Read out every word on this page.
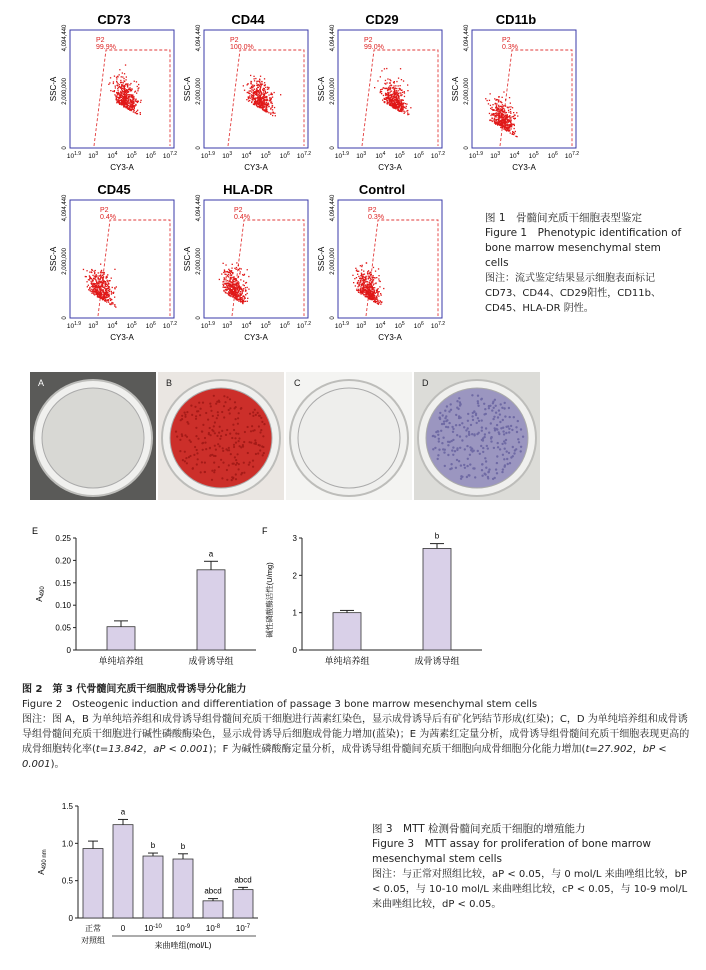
CD73
SSC-A
4,094,440
2,000,000
0
P2
99.9%
$10^{1.9}$ $10^3$ $10^4$ $10^5$ $10^6$ $10^{7.2}$
CY3-A
CD44
SSC-A
4,094,440
2,000,000
0
P2
100.0%
$10^{1.9}$ $10^3$ $10^4$ $10^5$ $10^6$ $10^{7.2}$
CY3-A
CD29
SSC-A
4,094,440
2,000,000
0
P2
99.0%
$10^{1.9}$ $10^3$ $10^4$ $10^5$ $10^6$ $10^{7.2}$
CY3-A
CD11b
SSC-A
4,094,440
2,000,000
0
P2
0.3%
$10^{1.9}$ $10^3$ $10^4$ $10^5$ $10^6$ $10^{7.2}$
CY3-A
CD45
SSC-A
4,094,440
2,000,000
0
P2
0.4%
$10^{1.9}$ $10^3$ $10^4$ $10^5$ $10^6$ $10^{7.2}$
CY3-A
HLA-DR
SSC-A
4,094,440
2,000,000
0
P2
0.4%
$10^{1.9}$ $10^3$ $10^4$ $10^5$ $10^6$ $10^{7.2}$
CY3-A
Control
SSC-A
4,094,440
2,000,000
0
P2
0.3%
$10^{1.9}$ $10^3$ $10^4$ $10^5$ $10^6$ $10^{7.2}$
CY3-A
图 1　骨髓间充质干细胞表型鉴定
Figure 1　Phenotypic identification of bone marrow mesenchymal stem cells
图注：流式鉴定结果显示细胞表面标记CD73、CD44、CD29阳性，CD11b、CD45、HLA-DR 阴性。
A	B	C	D
E
0
0.05
0.10
0.15
0.20
0.25
单纯培养组
a
成骨诱导组
$A_{490}$
F
0
1
2
3
单纯培养组
b
成骨诱导组
碱性磷酸酶活性(U/mg)
图 2　第 3 代骨髓间充质干细胞成骨诱导分化能力
Figure 2　Osteogenic induction and differentiation of passage 3 bone marrow mesenchymal stem cells
图注：图 A，B 为单纯培养组和成骨诱导组骨髓间充质干细胞进行茜素红染色，显示成骨诱导后有矿化钙结节形成(红染)；C，D 为单纯培养组和成骨诱导组骨髓间充质干细胞进行碱性磷酸酶染色，显示成骨诱导后细胞成骨能力增加(蓝染)；E 为茜素红定量分析，成骨诱导组骨髓间充质干细胞表现更高的成骨细胞转化率(t=13.842，aP < 0.001)；F 为碱性磷酸酶定量分析，成骨诱导组骨髓间充质干细胞向成骨细胞分化能力增加(t=27.902，bP < 0.001)。
0
0.5
1.0
1.5
a
b	b
abcd
abcd
$A_{490 nm}$
正常
对照组
0 $10^{-10}$ $10^{-9}$ $10^{-8}$ $10^{-7}$
来曲唑组(mol/L)
图 3　MTT 检测骨髓间充质干细胞的增殖能力
Figure 3　MTT assay for proliferation of bone marrow mesenchymal stem cells
图注：与正常对照组比较，aP < 0.05，与 0 mol/L 来曲唑组比较，bP < 0.05，与 10-10 mol/L 来曲唑组比较，cP < 0.05，与 10-9 mol/L 来曲唑组比较，dP < 0.05。
